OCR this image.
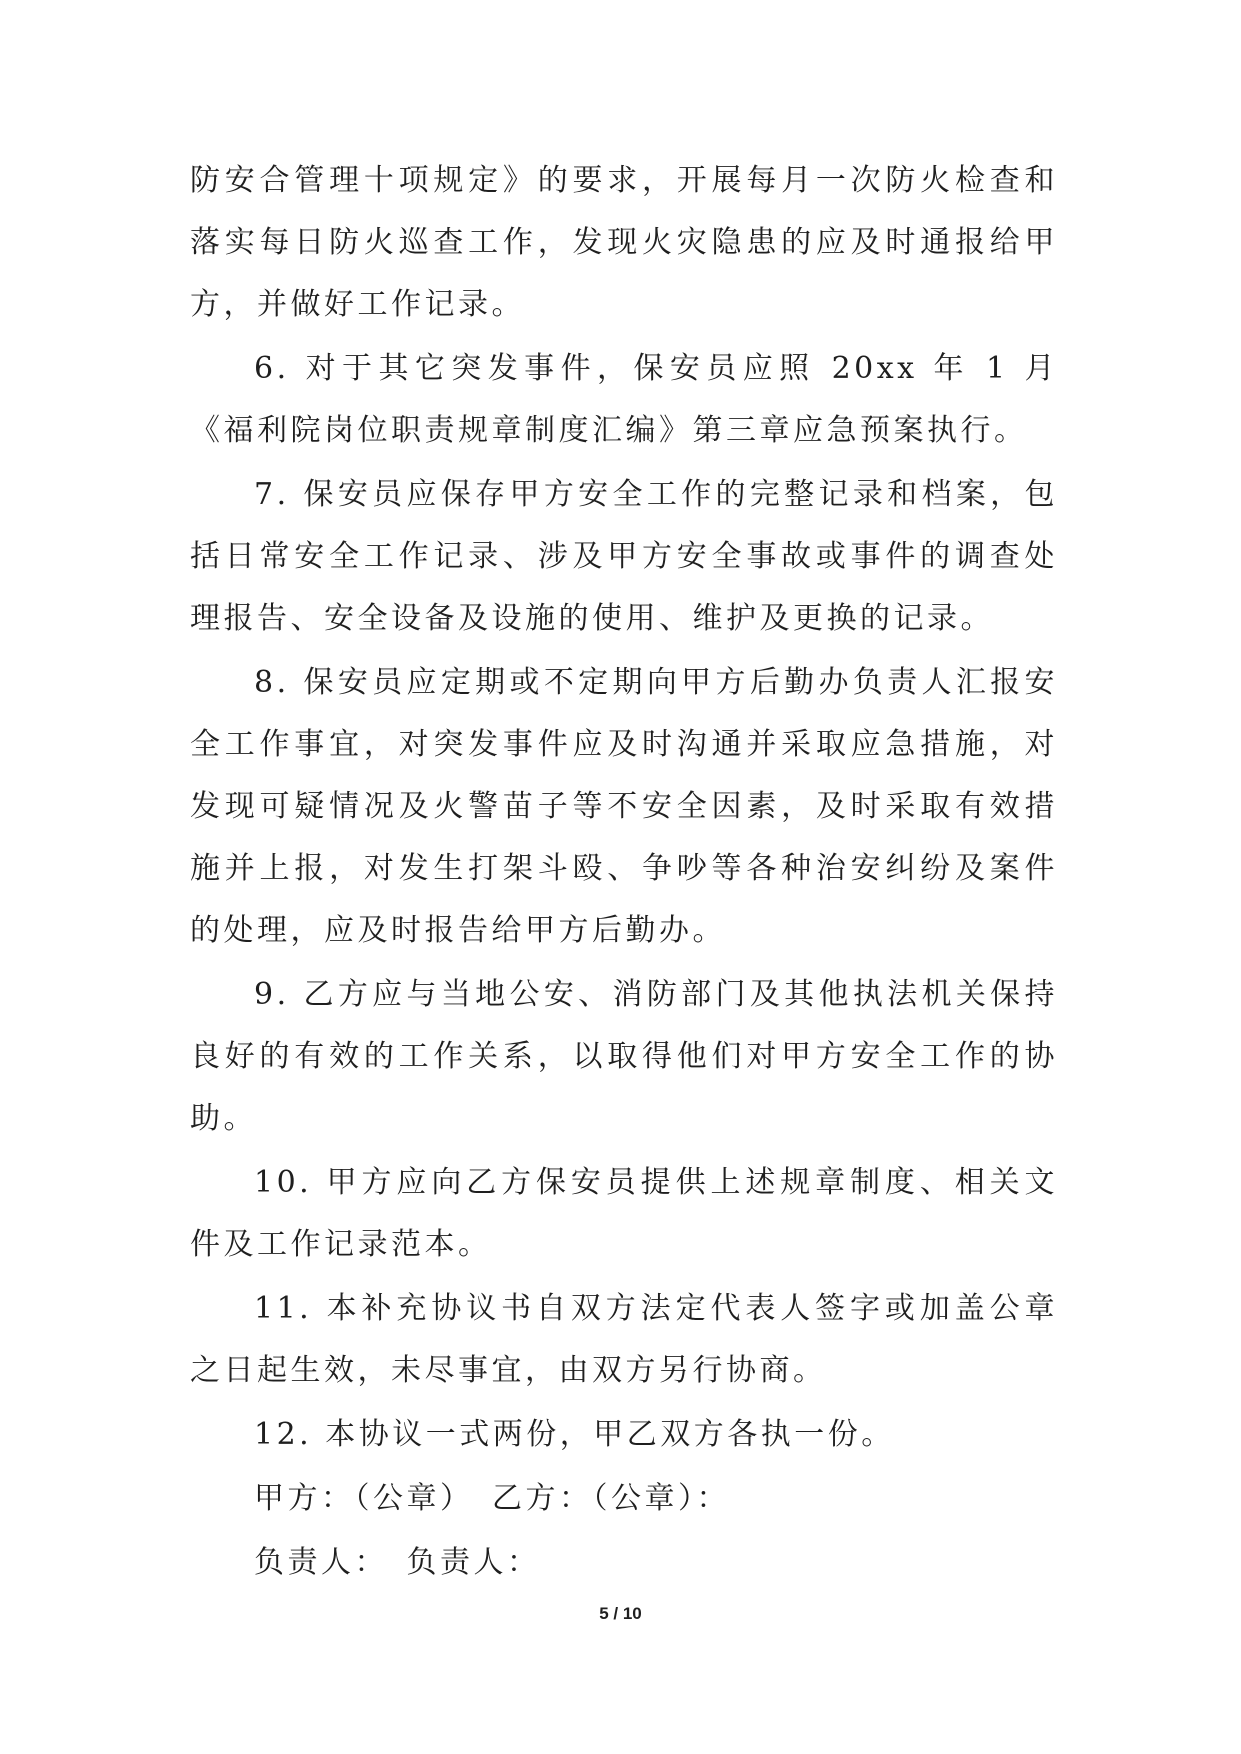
防安合管理十项规定》的要求，开展每月一次防火检查和落实每日防火巡查工作，发现火灾隐患的应及时通报给甲方，并做好工作记录。

6. 对于其它突发事件，保安员应照 20xx 年 1 月《福利院岗位职责规章制度汇编》第三章应急预案执行。

7. 保安员应保存甲方安全工作的完整记录和档案，包括日常安全工作记录、涉及甲方安全事故或事件的调查处理报告、安全设备及设施的使用、维护及更换的记录。

8. 保安员应定期或不定期向甲方后勤办负责人汇报安全工作事宜，对突发事件应及时沟通并采取应急措施，对发现可疑情况及火警苗子等不安全因素，及时采取有效措施并上报，对发生打架斗殴、争吵等各种治安纠纷及案件的处理，应及时报告给甲方后勤办。

9. 乙方应与当地公安、消防部门及其他执法机关保持良好的有效的工作关系，以取得他们对甲方安全工作的协助。

10. 甲方应向乙方保安员提供上述规章制度、相关文件及工作记录范本。

11. 本补充协议书自双方法定代表人签字或加盖公章之日起生效，未尽事宜，由双方另行协商。

12. 本协议一式两份，甲乙双方各执一份。

甲方：（公章）　乙方：（公章）：

负责人：　负责人：

5 / 10
